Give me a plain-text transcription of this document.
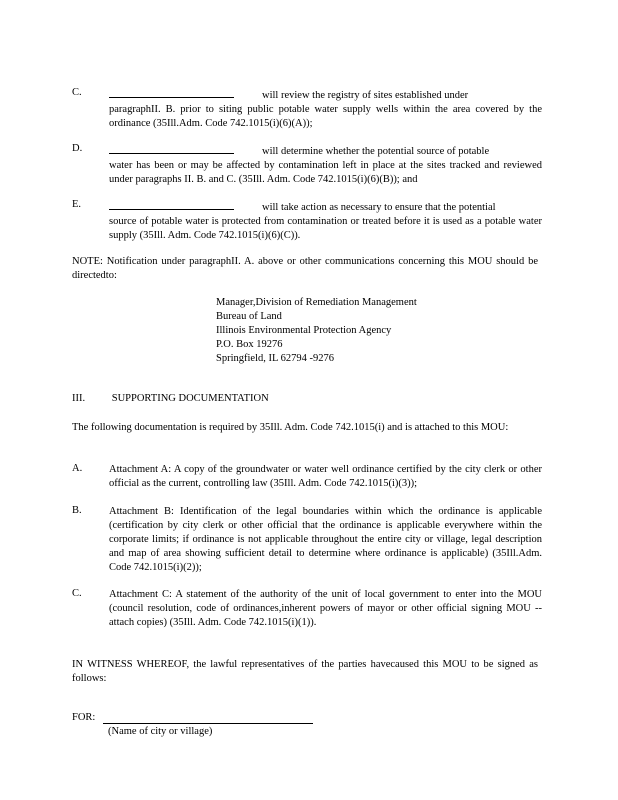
C.	will review the registry of sites established under
paragraphII. B. prior to siting public potable water supply wells within the area covered by the ordinance (35Ill.Adm. Code 742.1015(i)(6)(A));
D.	will determine whether the potential source of potable
water has been or may be affected by contamination left in place at the sites tracked and reviewed under paragraphs II. B. and C. (35Ill. Adm. Code 742.1015(i)(6)(B)); and
E.	will take action as necessary to ensure that the potential
source of potable water is protected from contamination or treated before it is used as a potable water supply (35Ill. Adm. Code 742.1015(i)(6)(C)).
NOTE: Notification under paragraphII. A. above or other communications concerning this MOU should be directedto:
Manager,Division of Remediation Management
Bureau of Land
Illinois Environmental Protection Agency
P.O. Box 19276
Springfield, IL 62794 -9276
III.	SUPPORTING DOCUMENTATION
The following documentation is required by 35Ill. Adm. Code 742.1015(i) and is attached to this MOU:
A.	Attachment A: A copy of the groundwater or water well ordinance certified by the city clerk or other official as the current, controlling law (35Ill. Adm. Code 742.1015(i)(3));
B.	Attachment B: Identification of the legal boundaries within which the ordinance is applicable (certification by city clerk or other official that the ordinance is applicable everywhere within the corporate limits; if ordinance is not applicable throughout the entire city or village, legal description and map of area showing sufficient detail to determine where ordinance is applicable) (35Ill.Adm. Code 742.1015(i)(2));
C.	Attachment C: A statement of the authority of the unit of local government to enter into the MOU (council resolution, code of ordinances,inherent powers of mayor or other official signing MOU --attach copies) (35Ill. Adm. Code 742.1015(i)(1)).
IN WITNESS WHEREOF, the lawful representatives of the parties havecaused this MOU to be signed as follows:
FOR:
(Name of city or village)
